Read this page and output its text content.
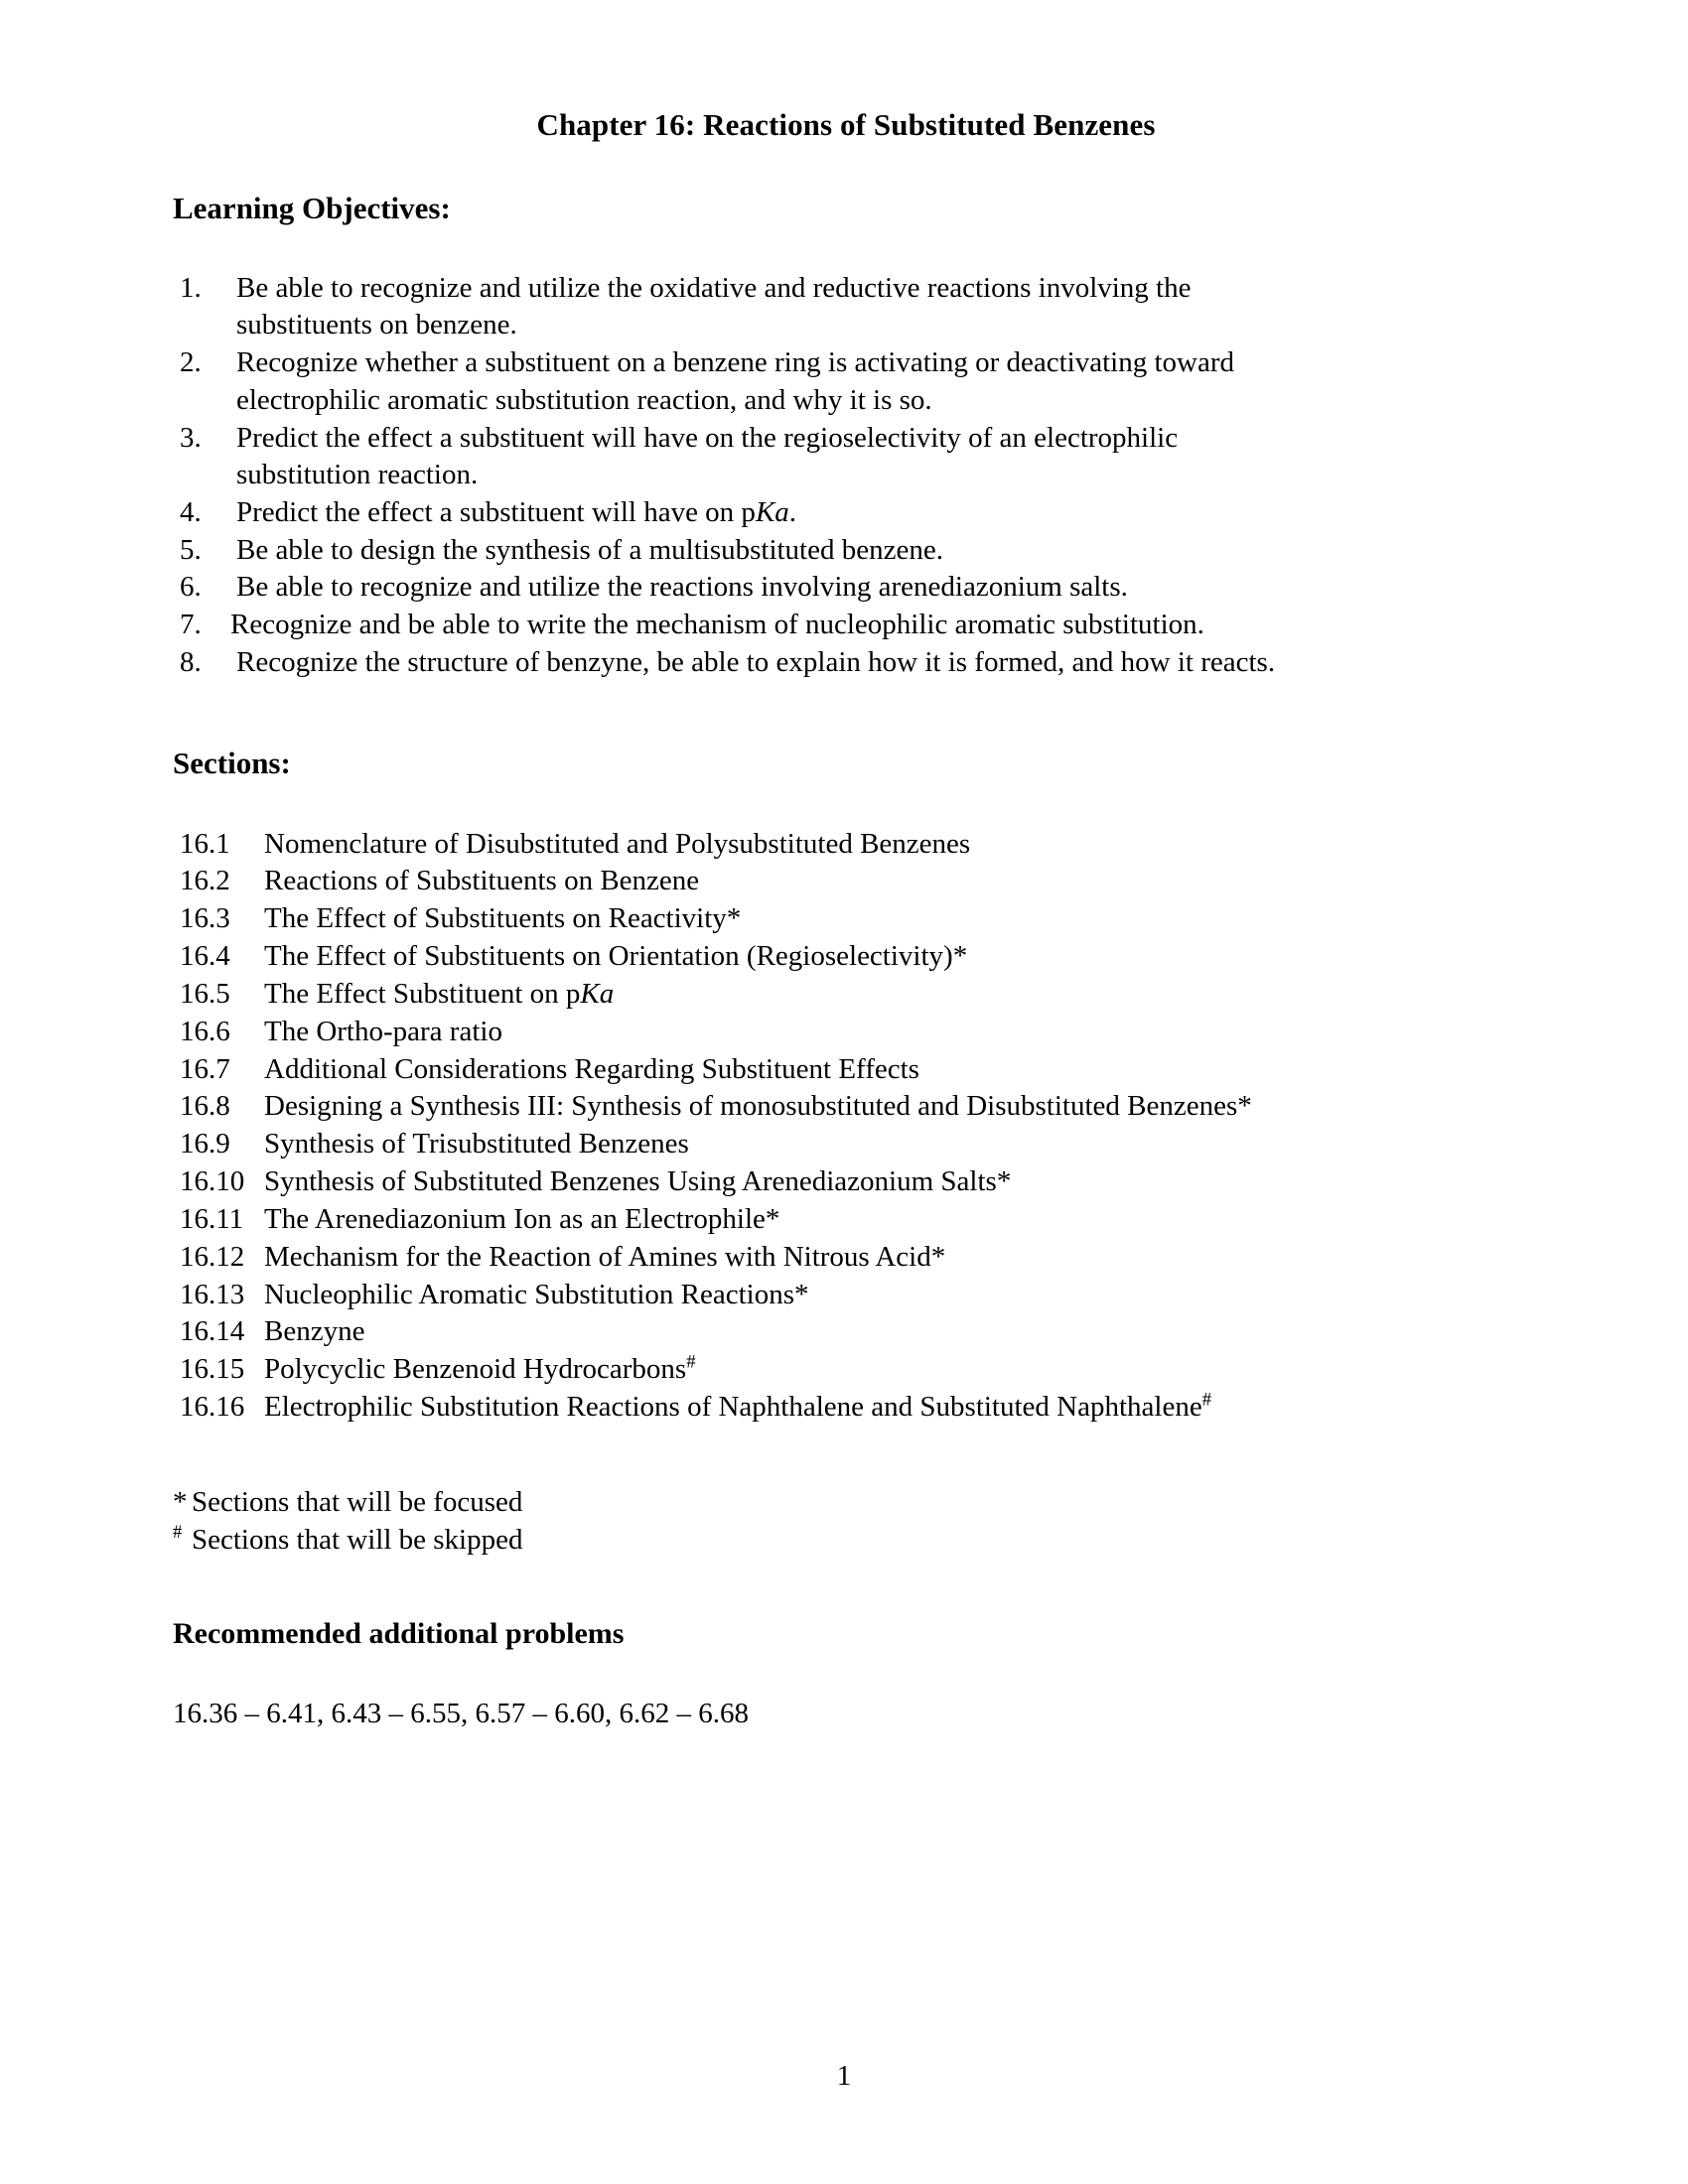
Chapter 16: Reactions of Substituted Benzenes
Learning Objectives:
1.	Be able to recognize and utilize the oxidative and reductive reactions involving the substituents on benzene.
2.	Recognize whether a substituent on a benzene ring is activating or deactivating toward electrophilic aromatic substitution reaction, and why it is so.
3.	Predict the effect a substituent will have on the regioselectivity of an electrophilic substitution reaction.
4.	Predict the effect a substituent will have on pKa.
5.	Be able to design the synthesis of a multisubstituted benzene.
6.	Be able to recognize and utilize the reactions involving arenediazonium salts.
7.	Recognize and be able to write the mechanism of nucleophilic aromatic substitution.
8.	Recognize the structure of benzyne, be able to explain how it is formed, and how it reacts.
Sections:
16.1	Nomenclature of Disubstituted and Polysubstituted Benzenes
16.2	Reactions of Substituents on Benzene
16.3	The Effect of Substituents on Reactivity*
16.4	The Effect of Substituents on Orientation (Regioselectivity)*
16.5	The Effect Substituent on pKa
16.6	The Ortho-para ratio
16.7	Additional Considerations Regarding Substituent Effects
16.8	Designing a Synthesis III: Synthesis of monosubstituted and Disubstituted Benzenes*
16.9	Synthesis of Trisubstituted Benzenes
16.10 Synthesis of Substituted Benzenes Using Arenediazonium Salts*
16.11 The Arenediazonium Ion as an Electrophile*
16.12 Mechanism for the Reaction of Amines with Nitrous Acid*
16.13 Nucleophilic Aromatic Substitution Reactions*
16.14 Benzyne
16.15 Polycyclic Benzenoid Hydrocarbons#
16.16 Electrophilic Substitution Reactions of Naphthalene and Substituted Naphthalene#
* Sections that will be focused
# Sections that will be skipped
Recommended additional problems
16.36 – 6.41, 6.43 – 6.55, 6.57 – 6.60, 6.62 – 6.68
1
